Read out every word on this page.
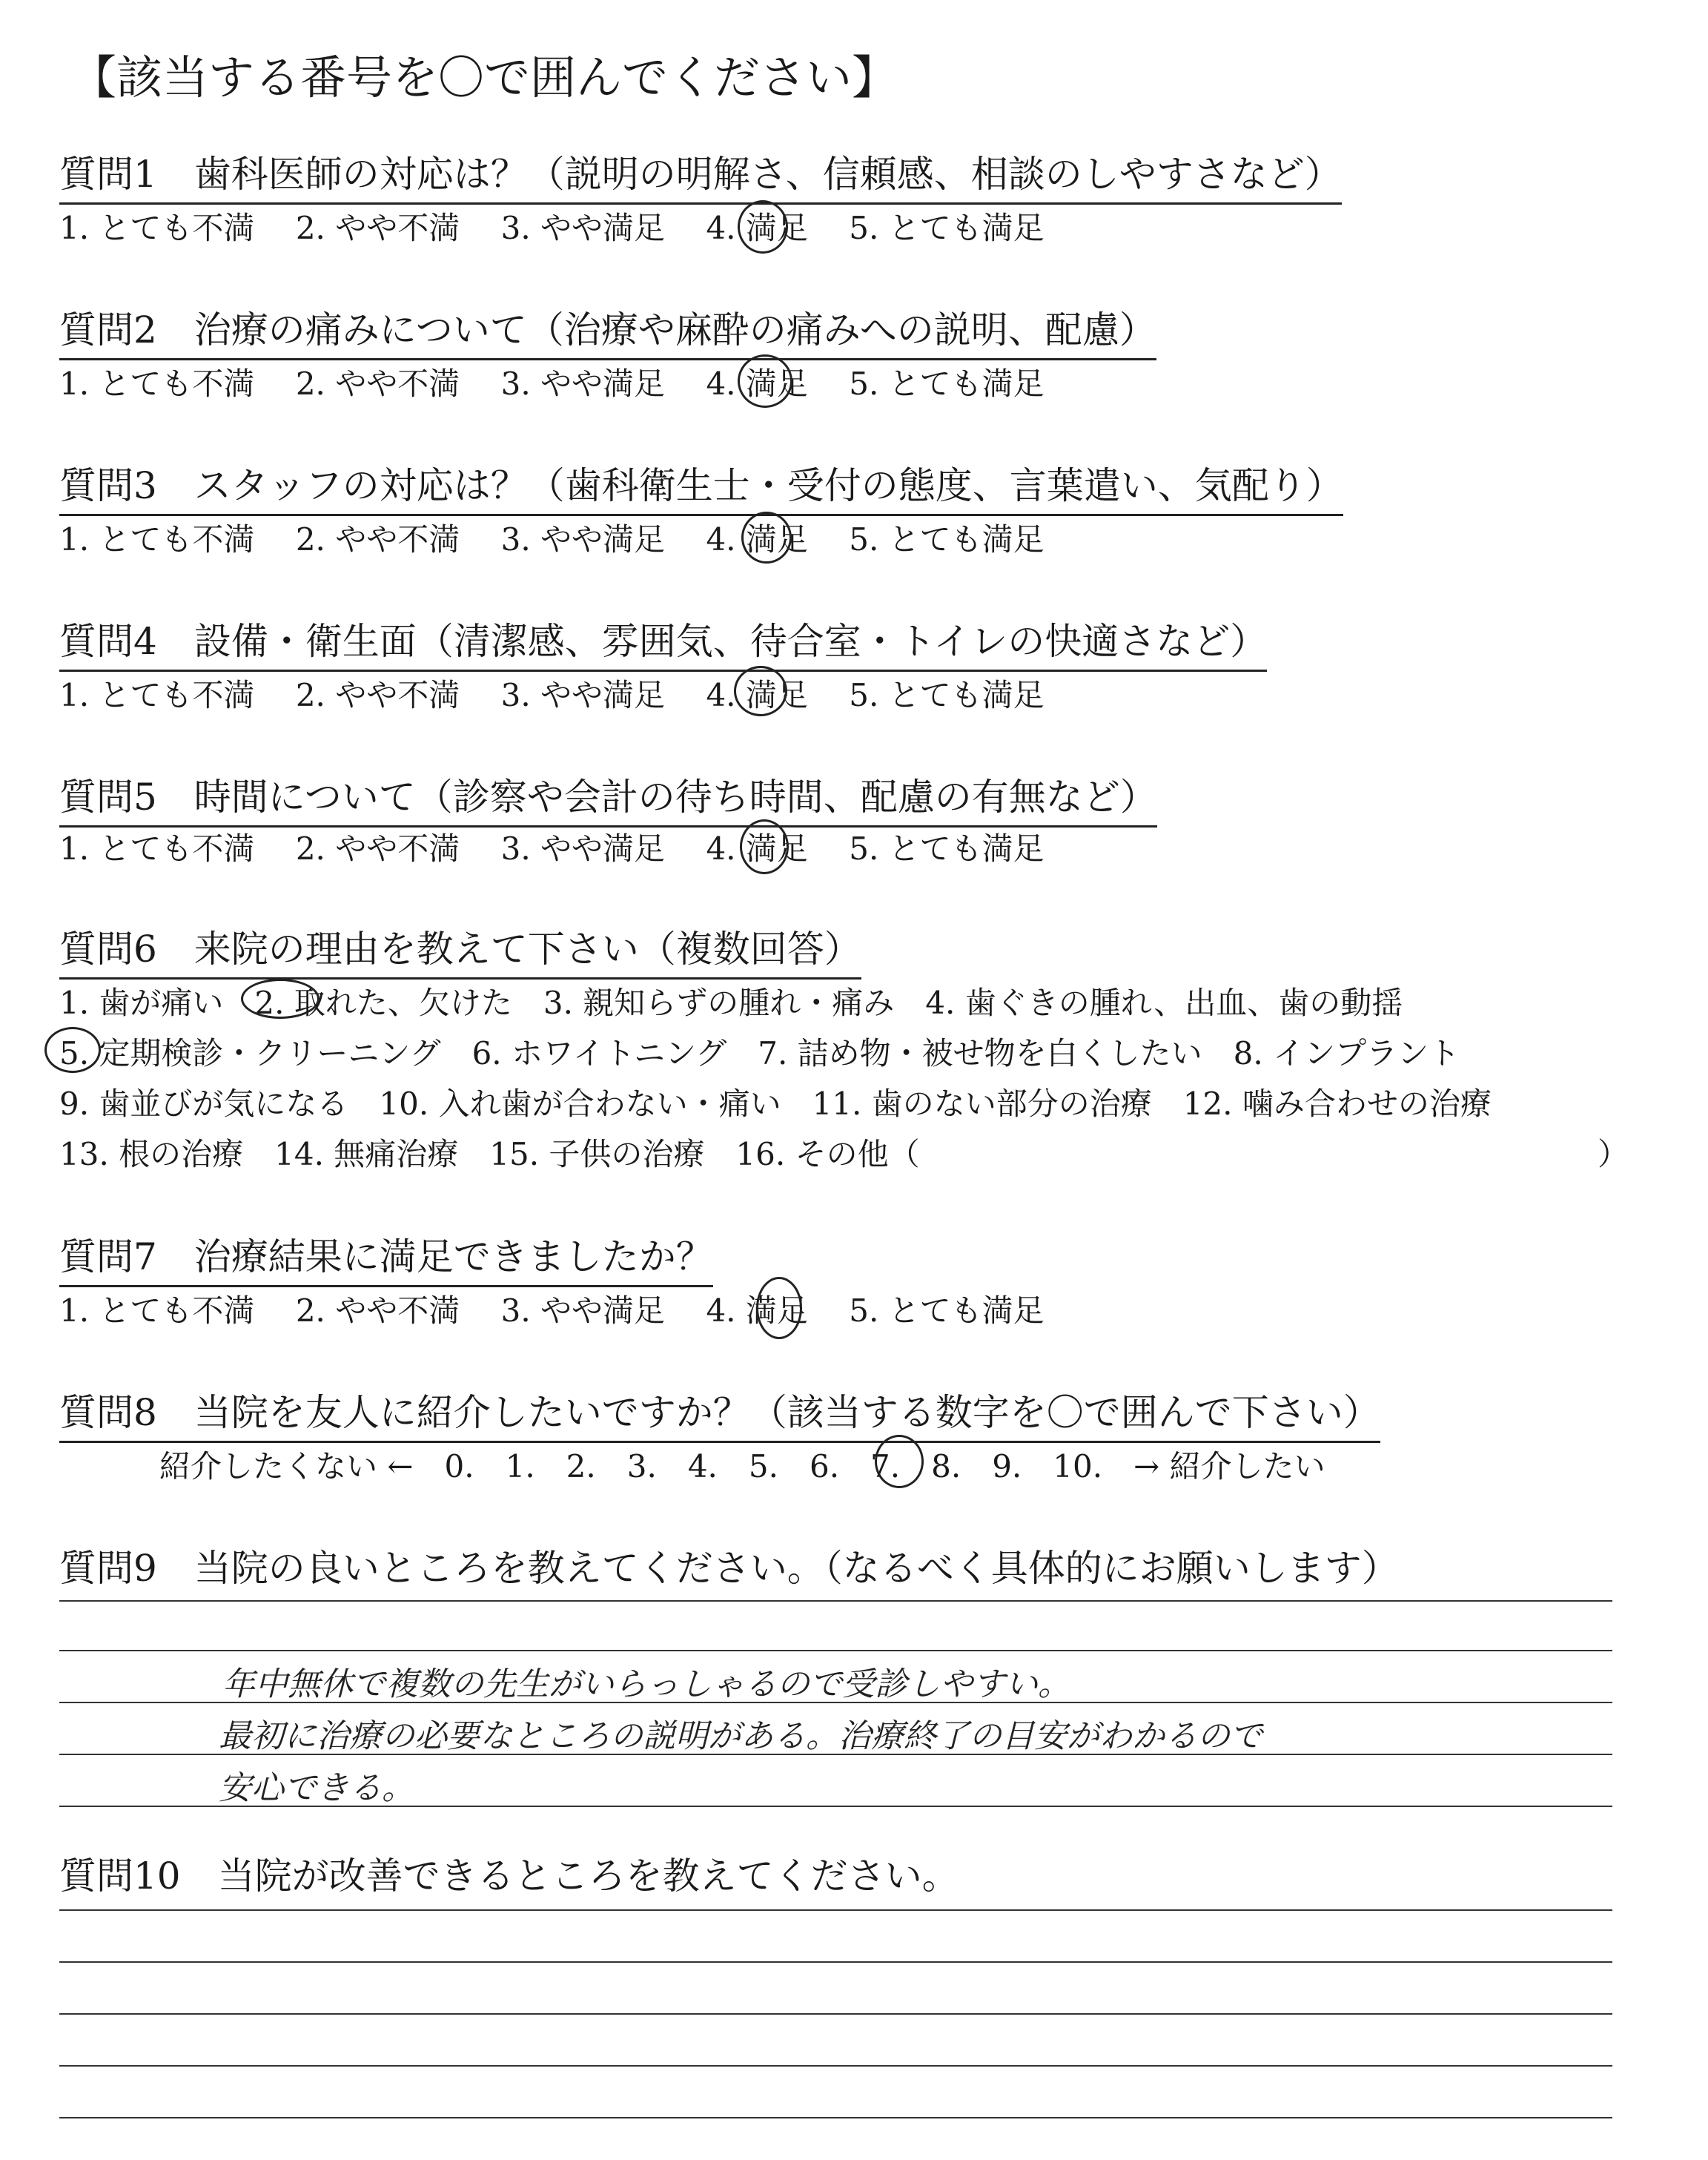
【該当する番号を〇で囲んでください】
質問1　歯科医師の対応は？（説明の明解さ、信頼感、相談のしやすさなど）
1. とても不満　 2. やや不満　 3. やや満足　 4. 満足　 5. とても満足
質問2　治療の痛みについて（治療や麻酔の痛みへの説明、配慮）
1. とても不満　 2. やや不満　 3. やや満足　 4. 満足　 5. とても満足
質問3　スタッフの対応は？（歯科衛生士・受付の態度、言葉遣い、気配り）
1. とても不満　 2. やや不満　 3. やや満足　 4. 満足　 5. とても満足
質問4　設備・衛生面（清潔感、雰囲気、待合室・トイレの快適さなど）
1. とても不満　 2. やや不満　 3. やや満足　 4. 満足　 5. とても満足
質問5　時間について（診察や会計の待ち時間、配慮の有無など）
1. とても不満　 2. やや不満　 3. やや満足　 4. 満足　 5. とても満足
質問6　来院の理由を教えて下さい（複数回答）
1. 歯が痛い　2. 取れた、欠けた　3. 親知らずの腫れ・痛み　4. 歯ぐきの腫れ、出血、歯の動揺
5. 定期検診・クリーニング　6. ホワイトニング　7. 詰め物・被せ物を白くしたい　8. インプラント
9. 歯並びが気になる　10. 入れ歯が合わない・痛い　11. 歯のない部分の治療　12. 噛み合わせの治療
13. 根の治療　14. 無痛治療　15. 子供の治療　16. その他（	）
質問7　治療結果に満足できましたか？
1. とても不満　 2. やや不満　 3. やや満足　 4. 満足　 5. とても満足
質問8　当院を友人に紹介したいですか？（該当する数字を〇で囲んで下さい）
紹介したくない ←　0.　1.　2.　3.　4.　5.　6.　7.　8.　9.　10.　→ 紹介したい
質問9　当院の良いところを教えてください。（なるべく具体的にお願いします）
年中無休で複数の先生がいらっしゃるので受診しやすい。
最初に治療の必要なところの説明がある。治療終了の目安がわかるので
安心できる。
質問10　当院が改善できるところを教えてください。
